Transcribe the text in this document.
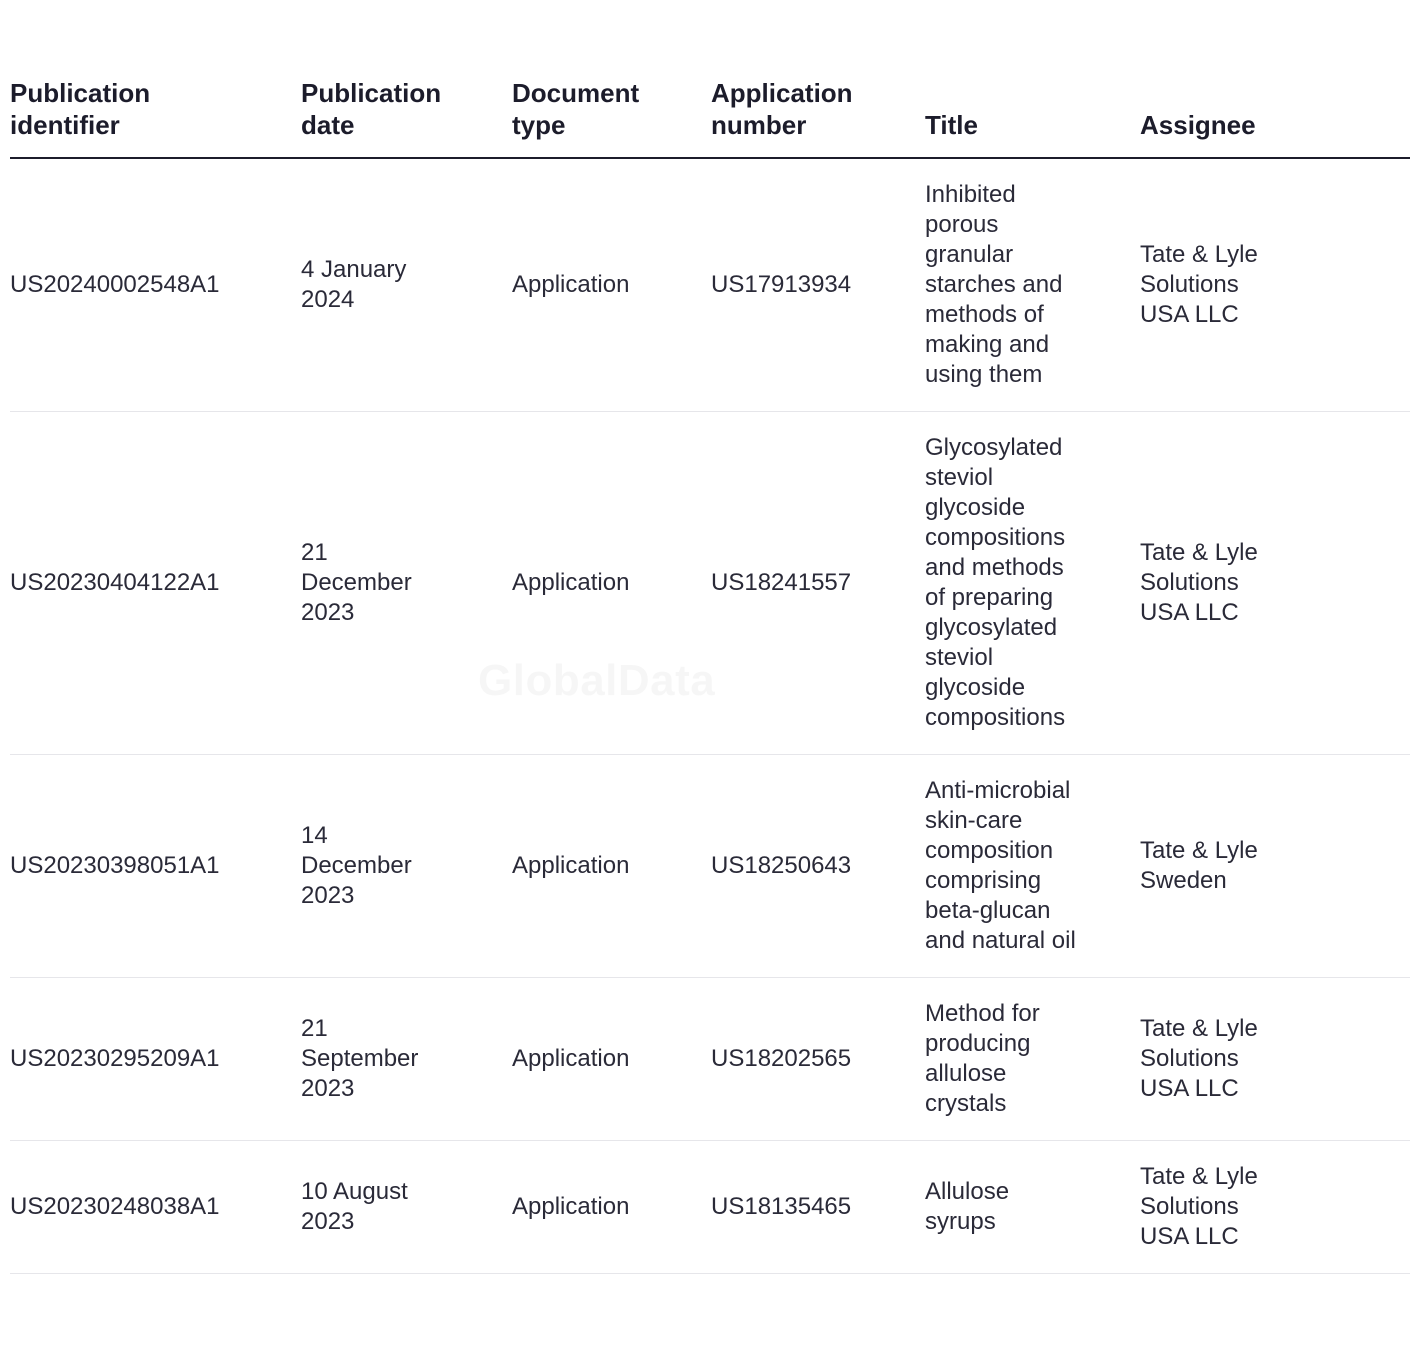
Publication identifier	Publication date	Document type	Application number	Title	Assignee
US20240002548A1	4 January 2024	Application	US17913934	Inhibited porous granular starches and methods of making and using them	Tate & Lyle Solutions USA LLC
US20230404122A1	21 December 2023	Application	US18241557	Glycosylated steviol glycoside compositions and methods of preparing glycosylated steviol glycoside compositions	Tate & Lyle Solutions USA LLC
US20230398051A1	14 December 2023	Application	US18250643	Anti-microbial skin-care composition comprising beta-glucan and natural oil	Tate & Lyle Sweden
US20230295209A1	21 September 2023	Application	US18202565	Method for producing allulose crystals	Tate & Lyle Solutions USA LLC
US20230248038A1	10 August 2023	Application	US18135465	Allulose syrups	Tate & Lyle Solutions USA LLC
